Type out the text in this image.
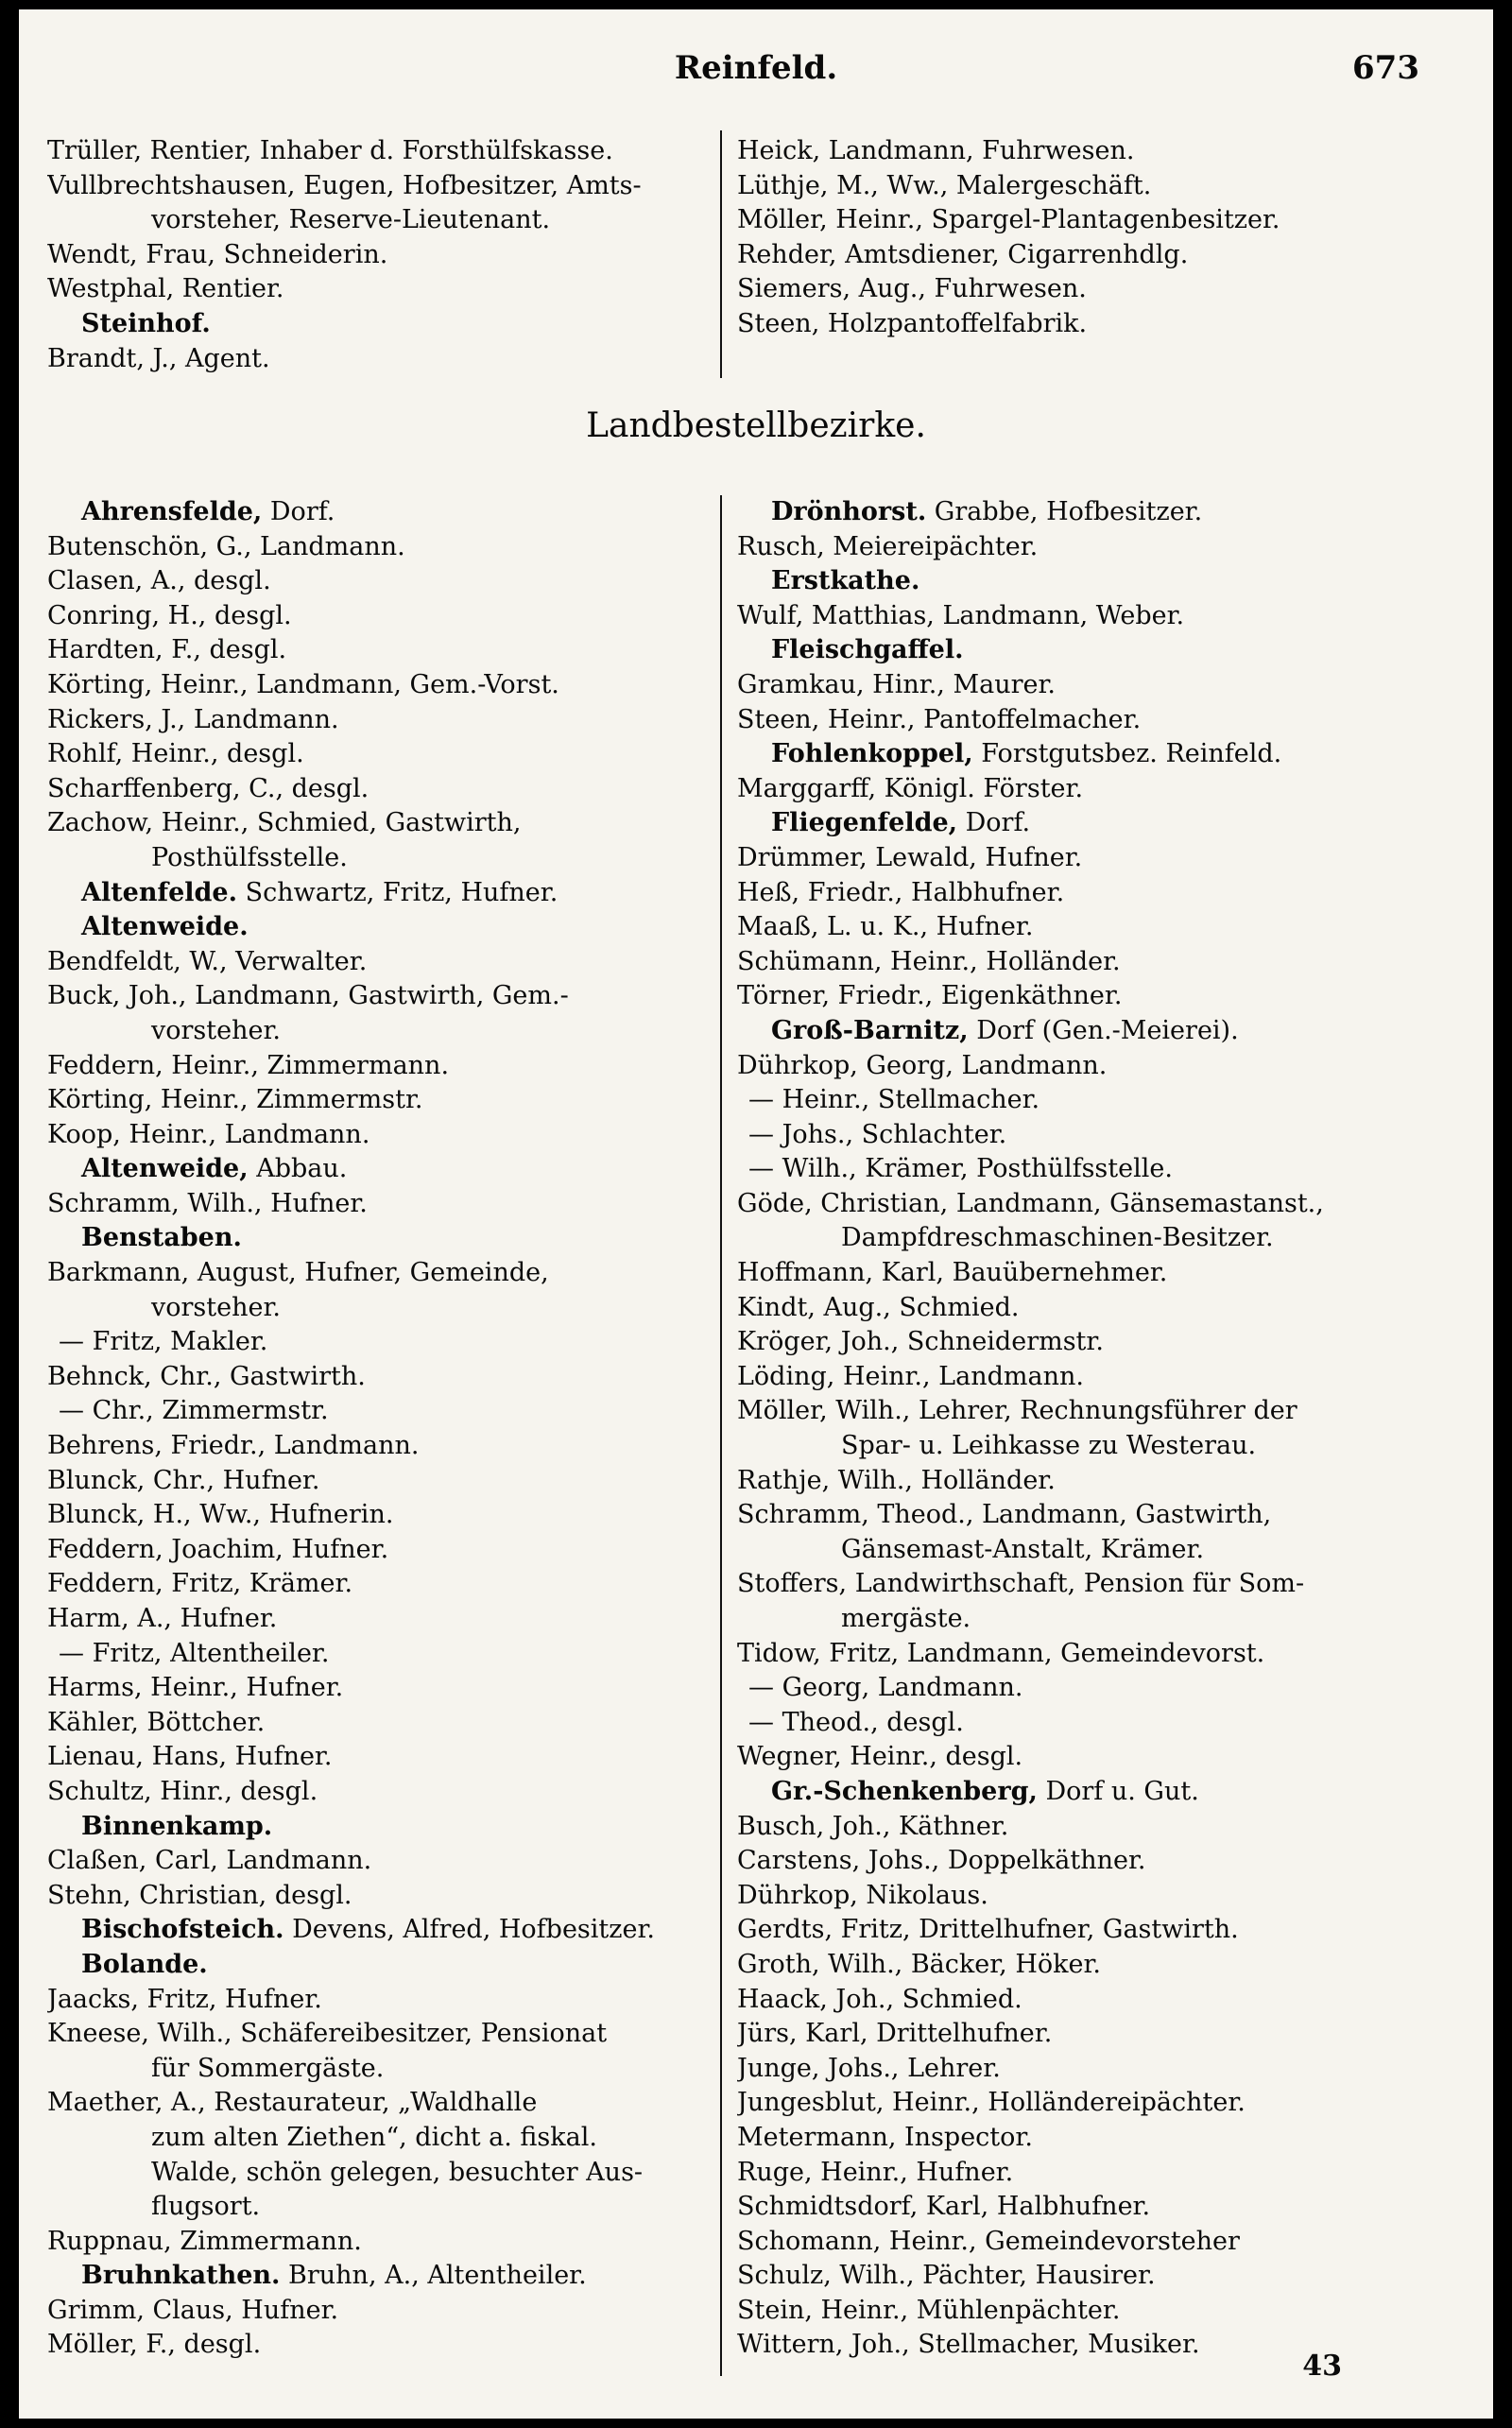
Reinfeld.	673
Trüller, Rentier, Inhaber d. Forsthülfskasse.
Vullbrechtshausen, Eugen, Hofbesitzer, Amts-
vorsteher, Reserve-Lieutenant.
Wendt, Frau, Schneiderin.
Westphal, Rentier.
Steinhof.
Brandt, J., Agent.
Heick, Landmann, Fuhrwesen.
Lüthje, M., Ww., Malergeschäft.
Möller, Heinr., Spargel-Plantagenbesitzer.
Rehder, Amtsdiener, Cigarrenhdlg.
Siemers, Aug., Fuhrwesen.
Steen, Holzpantoffelfabrik.
Landbestellbezirke.
Ahrensfelde, Dorf.
Butenschön, G., Landmann.
Clasen, A., desgl.
Conring, H., desgl.
Hardten, F., desgl.
Körting, Heinr., Landmann, Gem.-Vorst.
Rickers, J., Landmann.
Rohlf, Heinr., desgl.
Scharffenberg, C., desgl.
Zachow, Heinr., Schmied, Gastwirth,
Posthülfsstelle.
Altenfelde. Schwartz, Fritz, Hufner.
Altenweide.
Bendfeldt, W., Verwalter.
Buck, Joh., Landmann, Gastwirth, Gem.-
vorsteher.
Feddern, Heinr., Zimmermann.
Körting, Heinr., Zimmermstr.
Koop, Heinr., Landmann.
Altenweide, Abbau.
Schramm, Wilh., Hufner.
Benstaben.
Barkmann, August, Hufner, Gemeinde,
vorsteher.
— Fritz, Makler.
Behnck, Chr., Gastwirth.
— Chr., Zimmermstr.
Behrens, Friedr., Landmann.
Blunck, Chr., Hufner.
Blunck, H., Ww., Hufnerin.
Feddern, Joachim, Hufner.
Feddern, Fritz, Krämer.
Harm, A., Hufner.
— Fritz, Altentheiler.
Harms, Heinr., Hufner.
Kähler, Böttcher.
Lienau, Hans, Hufner.
Schultz, Hinr., desgl.
Binnenkamp.
Claßen, Carl, Landmann.
Stehn, Christian, desgl.
Bischofsteich. Devens, Alfred, Hofbesitzer.
Bolande.
Jaacks, Fritz, Hufner.
Kneese, Wilh., Schäfereibesitzer, Pensionat
für Sommergäste.
Maether, A., Restaurateur, „Waldhalle
zum alten Ziethen“, dicht a. fiskal.
Walde, schön gelegen, besuchter Aus-
flugsort.
Ruppnau, Zimmermann.
Bruhnkathen. Bruhn, A., Altentheiler.
Grimm, Claus, Hufner.
Möller, F., desgl.
Drönhorst. Grabbe, Hofbesitzer.
Rusch, Meiereipächter.
Erstkathe.
Wulf, Matthias, Landmann, Weber.
Fleischgaffel.
Gramkau, Hinr., Maurer.
Steen, Heinr., Pantoffelmacher.
Fohlenkoppel, Forstgutsbez. Reinfeld.
Marggarff, Königl. Förster.
Fliegenfelde, Dorf.
Drümmer, Lewald, Hufner.
Heß, Friedr., Halbhufner.
Maaß, L. u. K., Hufner.
Schümann, Heinr., Holländer.
Törner, Friedr., Eigenkäthner.
Groß-Barnitz, Dorf (Gen.-Meierei).
Dührkop, Georg, Landmann.
— Heinr., Stellmacher.
— Johs., Schlachter.
— Wilh., Krämer, Posthülfsstelle.
Göde, Christian, Landmann, Gänsemastanst.,
Dampfdreschmaschinen-Besitzer.
Hoffmann, Karl, Bauübernehmer.
Kindt, Aug., Schmied.
Kröger, Joh., Schneidermstr.
Löding, Heinr., Landmann.
Möller, Wilh., Lehrer, Rechnungsführer der
Spar- u. Leihkasse zu Westerau.
Rathje, Wilh., Holländer.
Schramm, Theod., Landmann, Gastwirth,
Gänsemast-Anstalt, Krämer.
Stoffers, Landwirthschaft, Pension für Som-
mergäste.
Tidow, Fritz, Landmann, Gemeindevorst.
— Georg, Landmann.
— Theod., desgl.
Wegner, Heinr., desgl.
Gr.-Schenkenberg, Dorf u. Gut.
Busch, Joh., Käthner.
Carstens, Johs., Doppelkäthner.
Dührkop, Nikolaus.
Gerdts, Fritz, Drittelhufner, Gastwirth.
Groth, Wilh., Bäcker, Höker.
Haack, Joh., Schmied.
Jürs, Karl, Drittelhufner.
Junge, Johs., Lehrer.
Jungesblut, Heinr., Holländereipächter.
Metermann, Inspector.
Ruge, Heinr., Hufner.
Schmidtsdorf, Karl, Halbhufner.
Schomann, Heinr., Gemeindevorsteher
Schulz, Wilh., Pächter, Hausirer.
Stein, Heinr., Mühlenpächter.
Wittern, Joh., Stellmacher, Musiker.
43
